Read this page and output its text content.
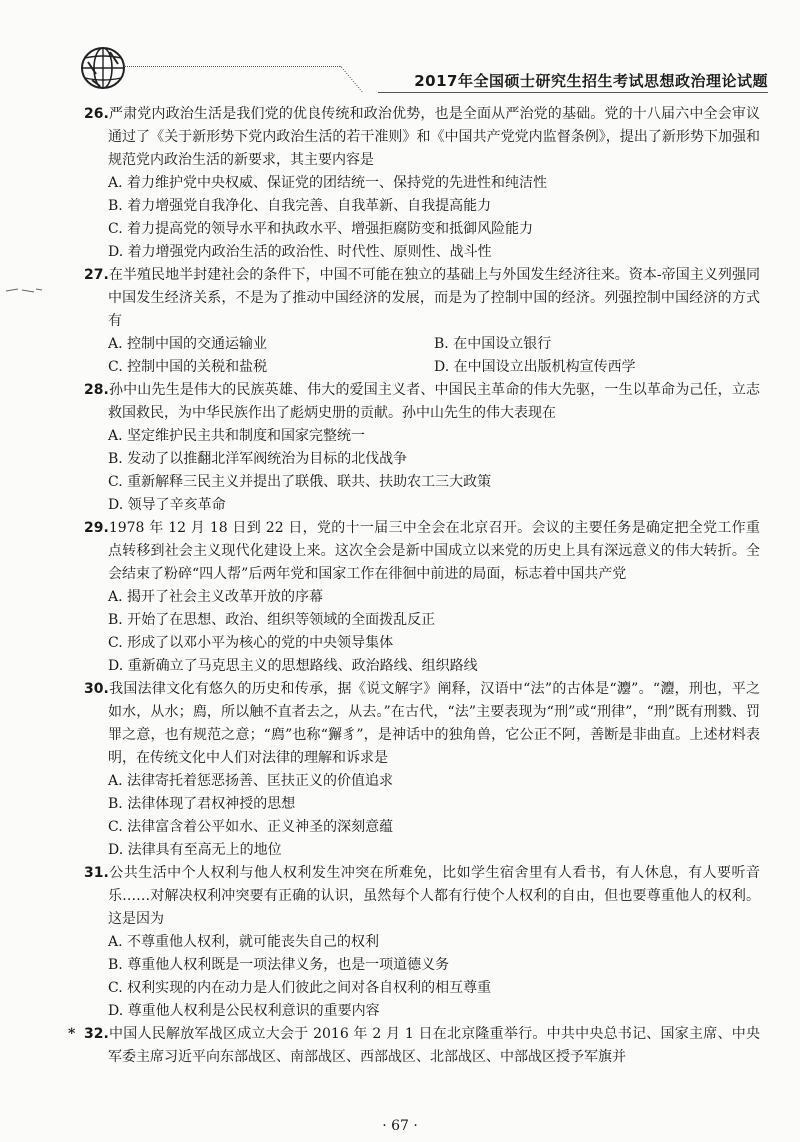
2017年全国硕士研究生招生考试思想政治理论试题

26.严肃党内政治生活是我们党的优良传统和政治优势，也是全面从严治党的基础。党的十八届六中全会审议通过了《关于新形势下党内政治生活的若干准则》和《中国共产党党内监督条例》，提出了新形势下加强和规范党内政治生活的新要求，其主要内容是

A. 着力维护党中央权威、保证党的团结统一、保持党的先进性和纯洁性
B. 着力增强党自我净化、自我完善、自我革新、自我提高能力
C. 着力提高党的领导水平和执政水平、增强拒腐防变和抵御风险能力
D. 着力增强党内政治生活的政治性、时代性、原则性、战斗性

27.在半殖民地半封建社会的条件下，中国不可能在独立的基础上与外国发生经济往来。资本-帝国主义列强同中国发生经济关系，不是为了推动中国经济的发展，而是为了控制中国的经济。列强控制中国经济的方式有

A. 控制中国的交通运输业	B. 在中国设立银行
C. 控制中国的关税和盐税	D. 在中国设立出版机构宣传西学

28.孙中山先生是伟大的民族英雄、伟大的爱国主义者、中国民主革命的伟大先驱，一生以革命为己任，立志救国救民，为中华民族作出了彪炳史册的贡献。孙中山先生的伟大表现在

A. 坚定维护民主共和制度和国家完整统一
B. 发动了以推翻北洋军阀统治为目标的北伐战争
C. 重新解释三民主义并提出了联俄、联共、扶助农工三大政策
D. 领导了辛亥革命

29.1978 年 12 月 18 日到 22 日，党的十一届三中全会在北京召开。会议的主要任务是确定把全党工作重点转移到社会主义现代化建设上来。这次全会是新中国成立以来党的历史上具有深远意义的伟大转折。全会结束了粉碎“四人帮”后两年党和国家工作在徘徊中前进的局面，标志着中国共产党

A. 揭开了社会主义改革开放的序幕
B. 开始了在思想、政治、组织等领域的全面拨乱反正
C. 形成了以邓小平为核心的党的中央领导集体
D. 重新确立了马克思主义的思想路线、政治路线、组织路线

30.我国法律文化有悠久的历史和传承，据《说文解字》阐释，汉语中“法”的古体是“灋”。“灋，刑也，平之如水，从水；廌，所以触不直者去之，从去。”在古代，“法”主要表现为“刑”或“刑律”，“刑”既有刑戮、罚罪之意，也有规范之意；“廌”也称“獬豸”，是神话中的独角兽，它公正不阿，善断是非曲直。上述材料表明，在传统文化中人们对法律的理解和诉求是

A. 法律寄托着惩恶扬善、匡扶正义的价值追求
B. 法律体现了君权神授的思想
C. 法律富含着公平如水、正义神圣的深刻意蕴
D. 法律具有至高无上的地位

31.公共生活中个人权利与他人权利发生冲突在所难免，比如学生宿舍里有人看书，有人休息，有人要听音乐……对解决权利冲突要有正确的认识，虽然每个人都有行使个人权利的自由，但也要尊重他人的权利。这是因为

A. 不尊重他人权利，就可能丧失自己的权利
B. 尊重他人权利既是一项法律义务，也是一项道德义务
C. 权利实现的内在动力是人们彼此之间对各自权利的相互尊重
D. 尊重他人权利是公民权利意识的重要内容
* 32.中国人民解放军战区成立大会于 2016 年 2 月 1 日在北京隆重举行。中共中央总书记、国家主席、中央军委主席习近平向东部战区、南部战区、西部战区、北部战区、中部战区授予军旗并

· 67 ·
